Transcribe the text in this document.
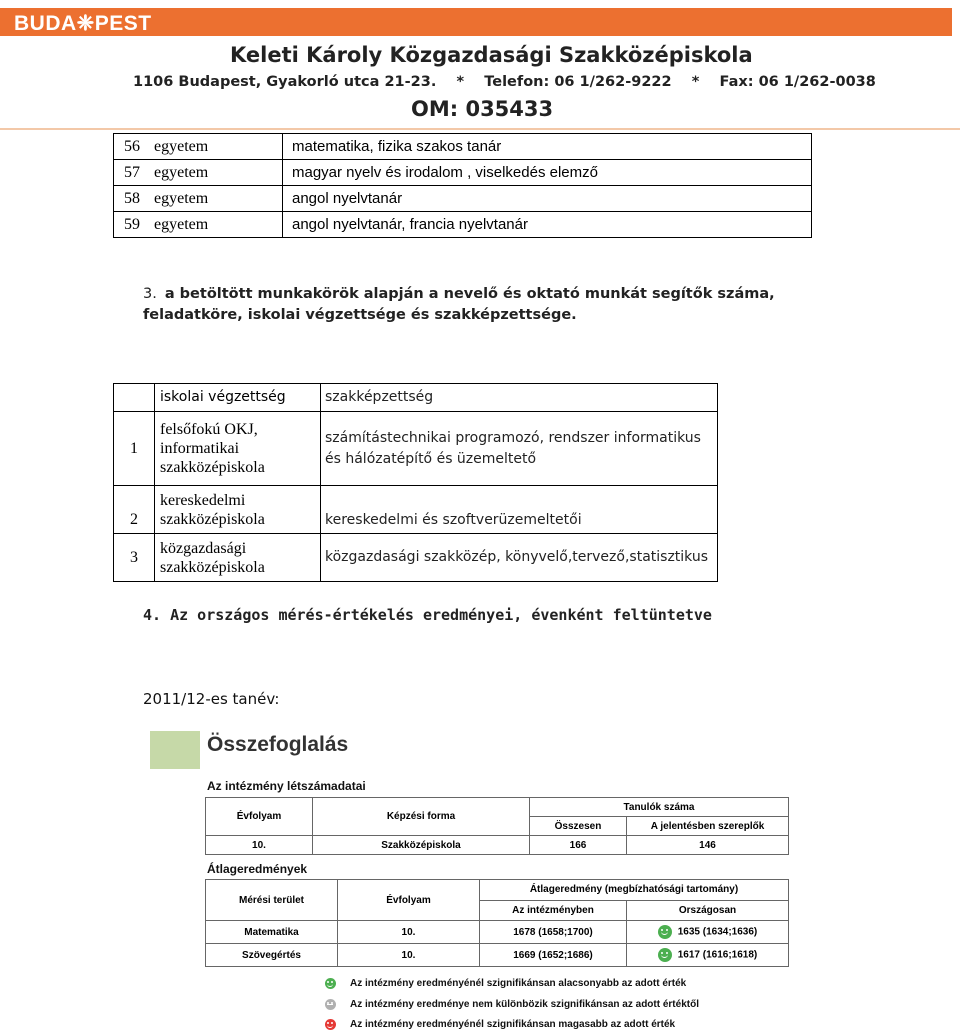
BUDA❈PEST
Keleti Károly Közgazdasági Szakközépiskola
1106 Budapest, Gyakorló utca 21-23.    *    Telefon: 06 1/262-9222    *    Fax: 06 1/262-0038
OM: 035433
56	egyetem	matematika, fizika szakos tanár
57	egyetem	magyar nyelv és irodalom , viselkedés elemző
58	egyetem	angol nyelvtanár
59	egyetem	angol nyelvtanár, francia nyelvtanár
3. a betöltött munkakörök alapján a nevelő és oktató munkát segítők száma, feladatköre, iskolai végzettsége és szakképzettsége.
	iskolai végzettség	szakképzettség
1	felsőfokú OKJ, informatikai szakközépiskola	számítástechnikai programozó, rendszer informatikus és hálózatépítő és üzemeltető
2	kereskedelmi szakközépiskola	kereskedelmi és szoftverüzemeltetői
3	közgazdasági szakközépiskola	közgazdasági szakközép, könyvelő,tervező,statisztikus
4. Az országos mérés-értékelés eredményei, évenként feltüntetve
2011/12-es tanév:
Összefoglalás
Az intézmény létszámadatai
Évfolyam	Képzési forma	Tanulók száma	
		Összesen	A jelentésben szereplők
10.	Szakközépiskola	166	146
Átlageredmények
Mérési terület	Évfolyam	Átlageredmény (megbízhatósági tartomány)	
		Az intézményben	Országosan
Matematika	10.	1678 (1658;1700)	1635 (1634;1636)
Szövegértés	10.	1669 (1652;1686)	1617 (1616;1618)
Az intézmény eredményénél szignifikánsan alacsonyabb az adott érték
Az intézmény eredménye nem különbözik szignifikánsan az adott értéktől
Az intézmény eredményénél szignifikánsan magasabb az adott érték
